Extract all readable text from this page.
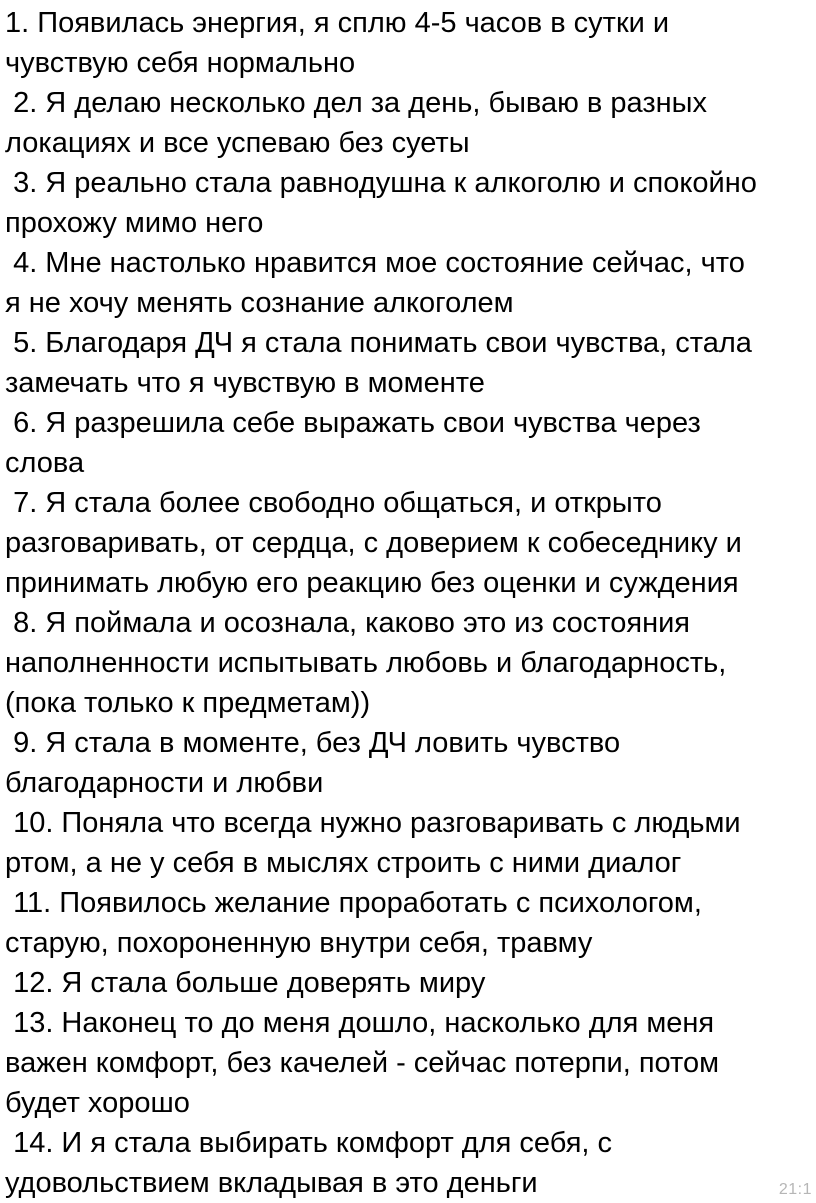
1. Появилась энергия, я сплю 4-5 часов в сутки и
чувствую себя нормально
2. Я делаю несколько дел за день, бываю в разных
локациях и все успеваю без суеты
3. Я реально стала равнодушна к алкоголю и спокойно
прохожу мимо него
4. Мне настолько нравится мое состояние сейчас, что
я не хочу менять сознание алкоголем
5. Благодаря ДЧ я стала понимать свои чувства, стала
замечать что я чувствую в моменте
6. Я разрешила себе выражать свои чувства через
слова
7. Я стала более свободно общаться, и открыто
разговаривать, от сердца, с доверием к собеседнику и
принимать любую его реакцию без оценки и суждения
8. Я поймала и осознала, каково это из состояния
наполненности испытывать любовь и благодарность,
(пока только к предметам))
9. Я стала в моменте, без ДЧ ловить чувство
благодарности и любви
10. Поняла что всегда нужно разговаривать с людьми
ртом, а не у себя в мыслях строить с ними диалог
11. Появилось желание проработать с психологом,
старую, похороненную внутри себя, травму
12. Я стала больше доверять миру
13. Наконец то до меня дошло, насколько для меня
важен комфорт, без качелей - сейчас потерпи, потом
будет хорошо
14. И я стала выбирать комфорт для себя, с
удовольствием вкладывая в это деньги	21:1
